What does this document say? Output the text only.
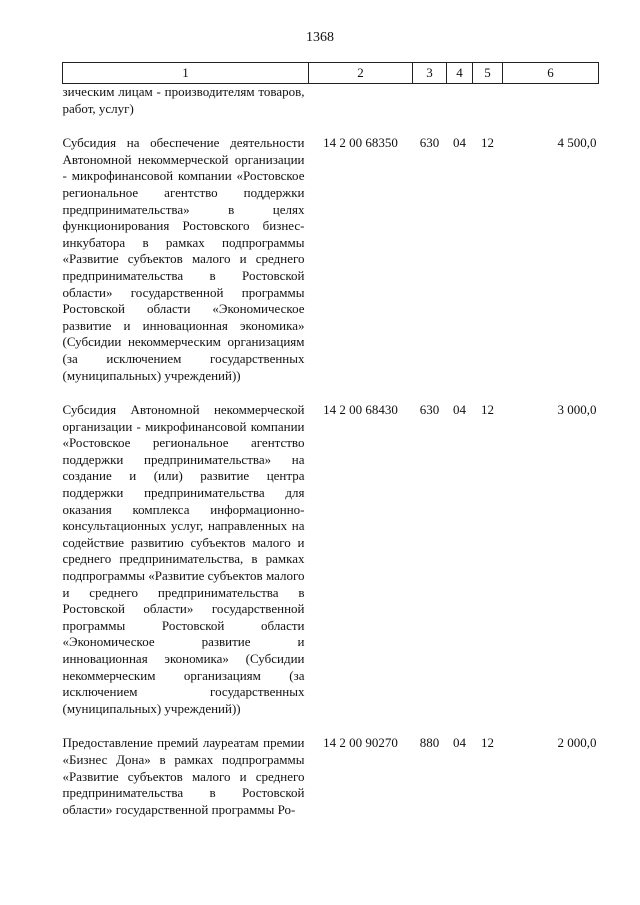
1368
1	2	3	4	5	6
зическим лицам - производителям товаров, работ, услуг)					
Субсидия на обеспечение деятельности Автономной некоммерческой организации - микрофинансовой компании «Ростовское региональное агентство поддержки предпринимательства» в целях функционирования Ростовского бизнес-инкубатора в рамках подпрограммы «Развитие субъектов малого и среднего предпринимательства в Ростовской области» государственной программы Ростовской области «Экономическое развитие и инновационная экономика» (Субсидии некоммерческим организациям (за исключением государственных (муниципальных) учреждений))	14 2 00 68350	630	04	12	4 500,0
Субсидия Автономной некоммерческой организации - микрофинансовой компании «Ростовское региональное агентство поддержки предпринимательства» на создание и (или) развитие центра поддержки предпринимательства для оказания комплекса информационно-консультационных услуг, направленных на содействие развитию субъектов малого и среднего предпринимательства, в рамках подпрограммы «Развитие субъектов малого и среднего предпринимательства в Ростовской области» государственной программы Ростовской области «Экономическое развитие и инновационная экономика» (Субсидии некоммерческим организациям (за исключением государственных (муниципальных) учреждений))	14 2 00 68430	630	04	12	3 000,0
Предоставление премий лауреатам премии «Бизнес Дона» в рамках подпрограммы «Развитие субъектов малого и среднего предпринимательства в Ростовской области» государственной программы Ро-	14 2 00 90270	880	04	12	2 000,0
